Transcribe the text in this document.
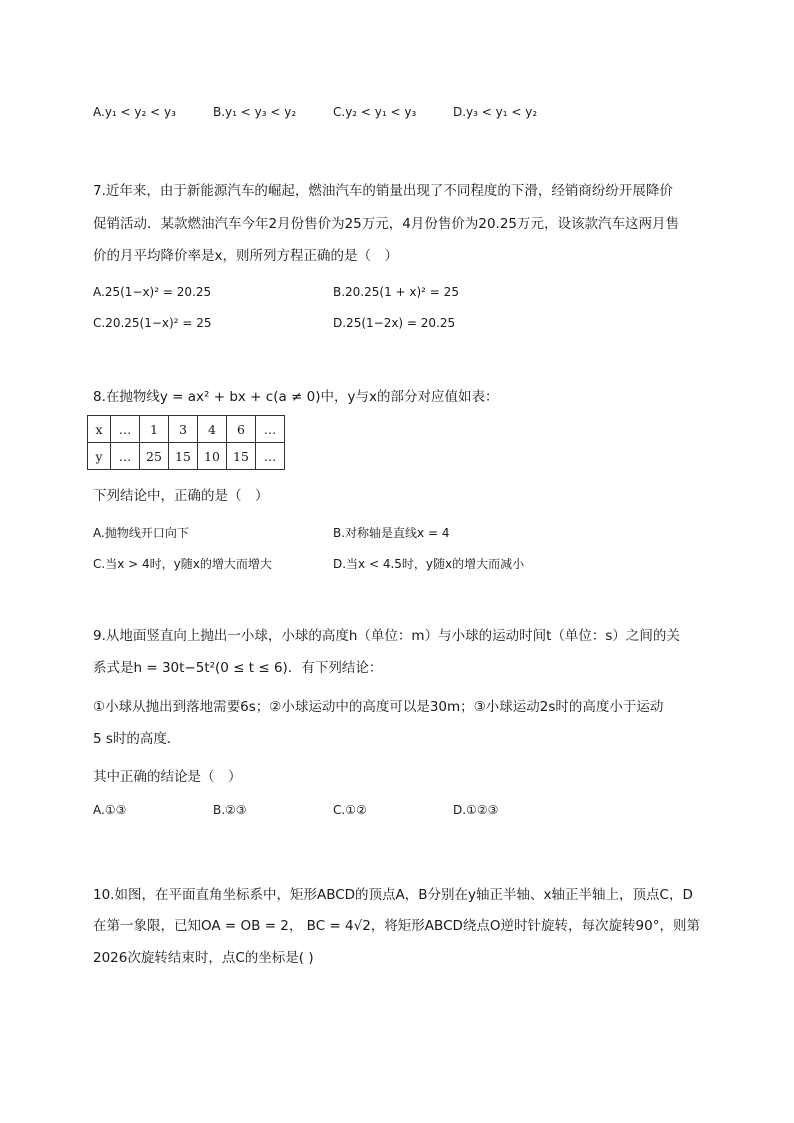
A.y₁ < y₂ < y₃	B.y₁ < y₃ < y₂	C.y₂ < y₁ < y₃	D.y₃ < y₁ < y₂
7.近年来，由于新能源汽车的崛起，燃油汽车的销量出现了不同程度的下滑，经销商纷纷开展降价
促销活动．某款燃油汽车今年2月份售价为25万元，4月份售价为20.25万元，设该款汽车这两月售
价的月平均降价率是x，则所列方程正确的是（　）
A.25(1−x)² = 20.25	B.20.25(1 + x)² = 25
C.20.25(1−x)² = 25	D.25(1−2x) = 20.25
8.在抛物线y = ax² + bx + c(a ≠ 0)中，y与x的部分对应值如表：
x	…	1	3	4	6	…
y	…	25	15	10	15	…
下列结论中，正确的是（　）
A.抛物线开口向下	B.对称轴是直线x = 4
C.当x > 4时，y随x的增大而增大	D.当x < 4.5时，y随x的增大而减小
9.从地面竖直向上抛出一小球，小球的高度h（单位：m）与小球的运动时间t（单位：s）之间的关
系式是h = 30t−5t²(0 ≤ t ≤ 6)．有下列结论：
①小球从抛出到落地需要6s；②小球运动中的高度可以是30m；③小球运动2s时的高度小于运动
5 s时的高度．
其中正确的结论是（　）
A.①③	B.②③	C.①②	D.①②③
10.如图，在平面直角坐标系中，矩形ABCD的顶点A，B分别在y轴正半轴、x轴正半轴上，顶点C，D
在第一象限，已知OA = OB = 2， BC = 4√2，将矩形ABCD绕点O逆时针旋转，每次旋转90°，则第
2026次旋转结束时，点C的坐标是( )
